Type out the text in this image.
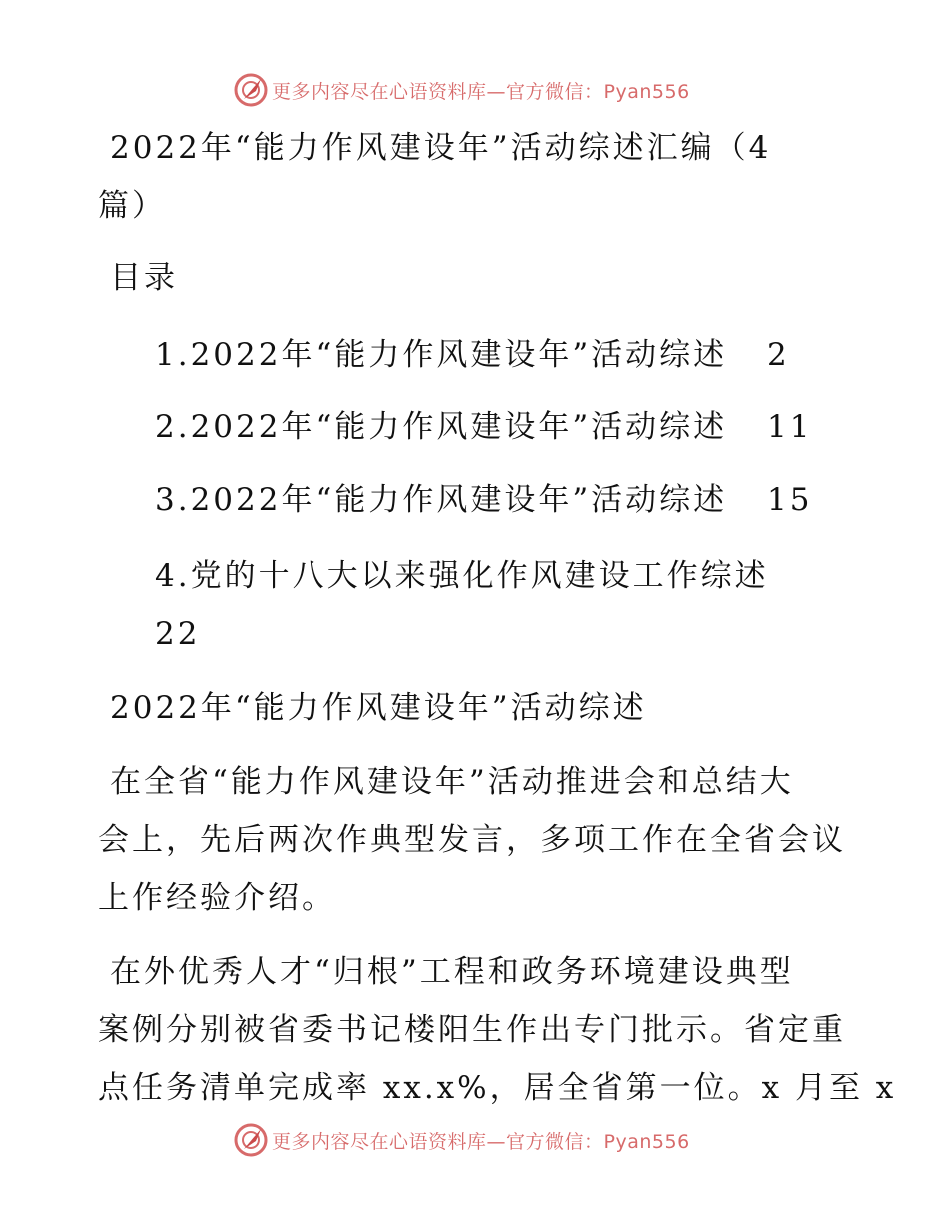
更多内容尽在心语资料库—官方微信：Pyan556
2022年“能力作风建设年”活动综述汇编（4
篇）
目录
1.2022年“能力作风建设年”活动综述 2
2.2022年“能力作风建设年”活动综述 11
3.2022年“能力作风建设年”活动综述 15
4.党的十八大以来强化作风建设工作综述
22
2022年“能力作风建设年”活动综述
在全省“能力作风建设年”活动推进会和总结大
会上，先后两次作典型发言，多项工作在全省会议
上作经验介绍。
在外优秀人才“归根”工程和政务环境建设典型
案例分别被省委书记楼阳生作出专门批示。省定重
点任务清单完成率 xx.x%，居全省第一位。x 月至 x
更多内容尽在心语资料库—官方微信：Pyan556
